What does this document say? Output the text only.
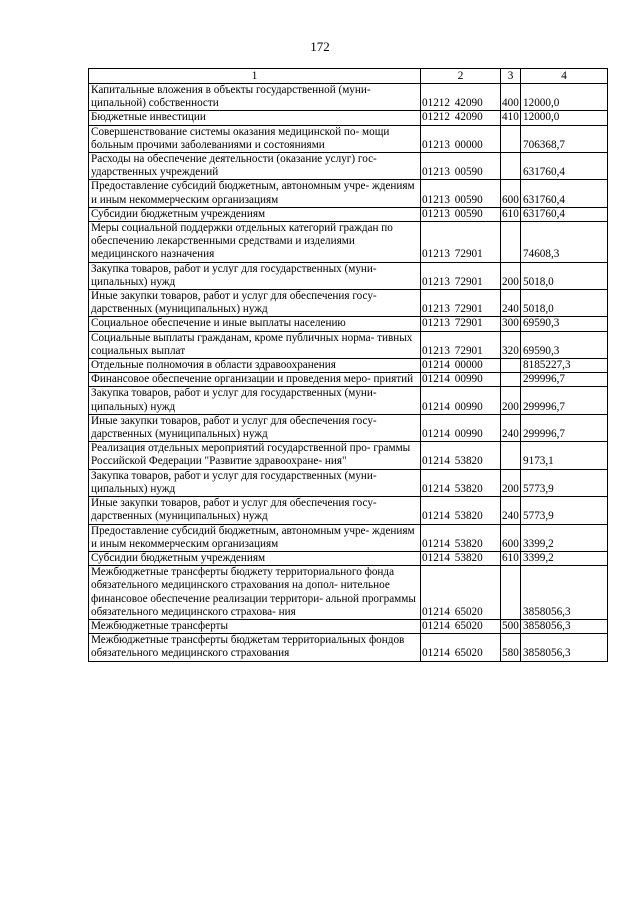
172
1	2	3	4
Капитальные вложения в объекты государственной (муни- ципальной) собственности	01212 42090	400	12000,0
Бюджетные инвестиции	01212 42090	410	12000,0
Совершенствование системы оказания медицинской по- мощи больным прочими заболеваниями и состояниями	01213 00000		706368,7
Расходы на обеспечение деятельности (оказание услуг) гос- ударственных учреждений	01213 00590		631760,4
Предоставление субсидий бюджетным, автономным учре- ждениям и иным некоммерческим организациям	01213 00590	600	631760,4
Субсидии бюджетным учреждениям	01213 00590	610	631760,4
Меры социальной поддержки отдельных категорий граждан по обеспечению лекарственными средствами и изделиями медицинского назначения	01213 72901		74608,3
Закупка товаров, работ и услуг для государственных (муни- ципальных) нужд	01213 72901	200	5018,0
Иные закупки товаров, работ и услуг для обеспечения госу- дарственных (муниципальных) нужд	01213 72901	240	5018,0
Социальное обеспечение и иные выплаты населению	01213 72901	300	69590,3
Социальные выплаты гражданам, кроме публичных норма- тивных социальных выплат	01213 72901	320	69590,3
Отдельные полномочия в области здравоохранения	01214 00000		8185227,3
Финансовое обеспечение организации и проведения меро- приятий	01214 00990		299996,7
Закупка товаров, работ и услуг для государственных (муни- ципальных) нужд	01214 00990	200	299996,7
Иные закупки товаров, работ и услуг для обеспечения госу- дарственных (муниципальных) нужд	01214 00990	240	299996,7
Реализация отдельных мероприятий государственной про- граммы Российской Федерации "Развитие здравоохране- ния"	01214 53820		9173,1
Закупка товаров, работ и услуг для государственных (муни- ципальных) нужд	01214 53820	200	5773,9
Иные закупки товаров, работ и услуг для обеспечения госу- дарственных (муниципальных) нужд	01214 53820	240	5773,9
Предоставление субсидий бюджетным, автономным учре- ждениям и иным некоммерческим организациям	01214 53820	600	3399,2
Субсидии бюджетным учреждениям	01214 53820	610	3399,2
Межбюджетные трансферты бюджету территориального фонда обязательного медицинского страхования на допол- нительное финансовое обеспечение реализации территори- альной программы обязательного медицинского страхова- ния	01214 65020		3858056,3
Межбюджетные трансферты	01214 65020	500	3858056,3
Межбюджетные трансферты бюджетам территориальных фондов обязательного медицинского страхования	01214 65020	580	3858056,3
